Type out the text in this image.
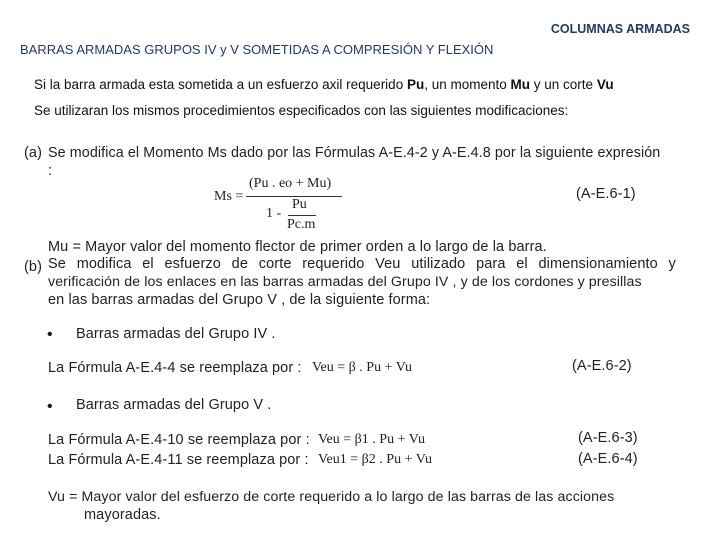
COLUMNAS ARMADAS
BARRAS ARMADAS GRUPOS IV y V SOMETIDAS A COMPRESIÓN Y FLEXIÓN
Si la barra armada esta sometida a un esfuerzo axil requerido Pu, un momento Mu y un corte Vu
Se utilizaran los mismos procedimientos especificados con las siguientes modificaciones:
(a) Se modifica el Momento Ms dado por las Fórmulas A-E.4-2 y A-E.4.8 por la siguiente expresión
:
Ms =
(Pu . eo + Mu)
1 -
Pu
Pc.m
(A-E.6-1)
Mu = Mayor valor del momento flector de primer orden a lo largo de la barra.
(b) Se modifica el esfuerzo de corte requerido Veu utilizado para el dimensionamiento y
verificación de los enlaces en las barras armadas del Grupo IV , y de los cordones y presillas
en las barras armadas del Grupo V , de la siguiente forma:
• Barras armadas del Grupo IV .
La Fórmula A-E.4-4 se reemplaza por : Veu = β . Pu + Vu	(A-E.6-2)
• Barras armadas del Grupo V .
La Fórmula A-E.4-10 se reemplaza por : Veu = β1 . Pu + Vu	(A-E.6-3)
La Fórmula A-E.4-11 se reemplaza por : Veu1 = β2 . Pu + Vu	(A-E.6-4)
Vu = Mayor valor del esfuerzo de corte requerido a lo largo de las barras de las acciones
mayoradas.
